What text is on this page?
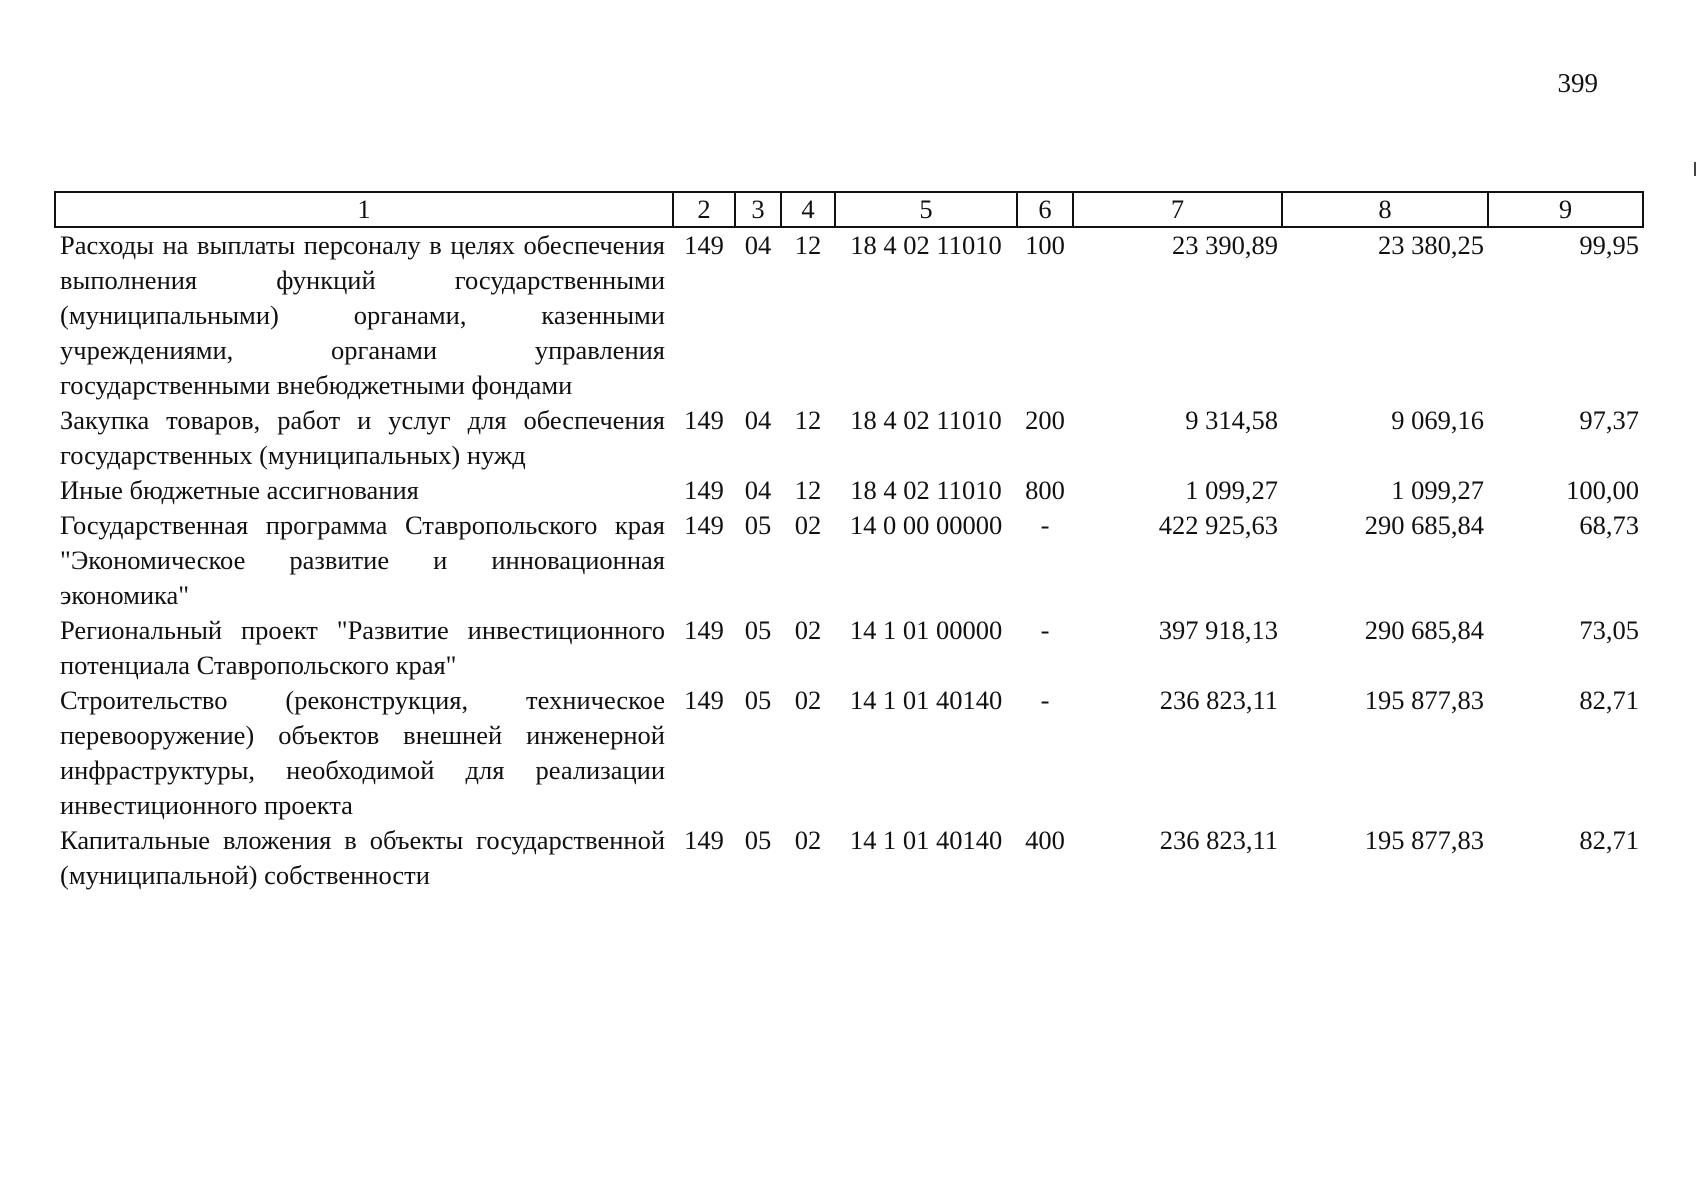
399
1	2	3	4	5	6	7	8	9
Расходы на выплаты персоналу в целях обеспечения выполнения функций государственными (муниципальными) органами, казенными учреждениями, органами управления государственными внебюджетными фондами	149	04	12	18 4 02 11010	100	23 390,89	23 380,25	99,95
Закупка товаров, работ и услуг для обеспечения государственных (муниципальных) нужд	149	04	12	18 4 02 11010	200	9 314,58	9 069,16	97,37
Иные бюджетные ассигнования	149	04	12	18 4 02 11010	800	1 099,27	1 099,27	100,00
Государственная программа Ставропольского края "Экономическое развитие и инновационная экономика"	149	05	02	14 0 00 00000	-	422 925,63	290 685,84	68,73
Региональный проект "Развитие инвестиционного потенциала Ставропольского края"	149	05	02	14 1 01 00000	-	397 918,13	290 685,84	73,05
Строительство (реконструкция, техническое перевооружение) объектов внешней инженерной инфраструктуры, необходимой для реализации инвестиционного проекта	149	05	02	14 1 01 40140	-	236 823,11	195 877,83	82,71
Капитальные вложения в объекты государственной (муниципальной) собственности	149	05	02	14 1 01 40140	400	236 823,11	195 877,83	82,71
